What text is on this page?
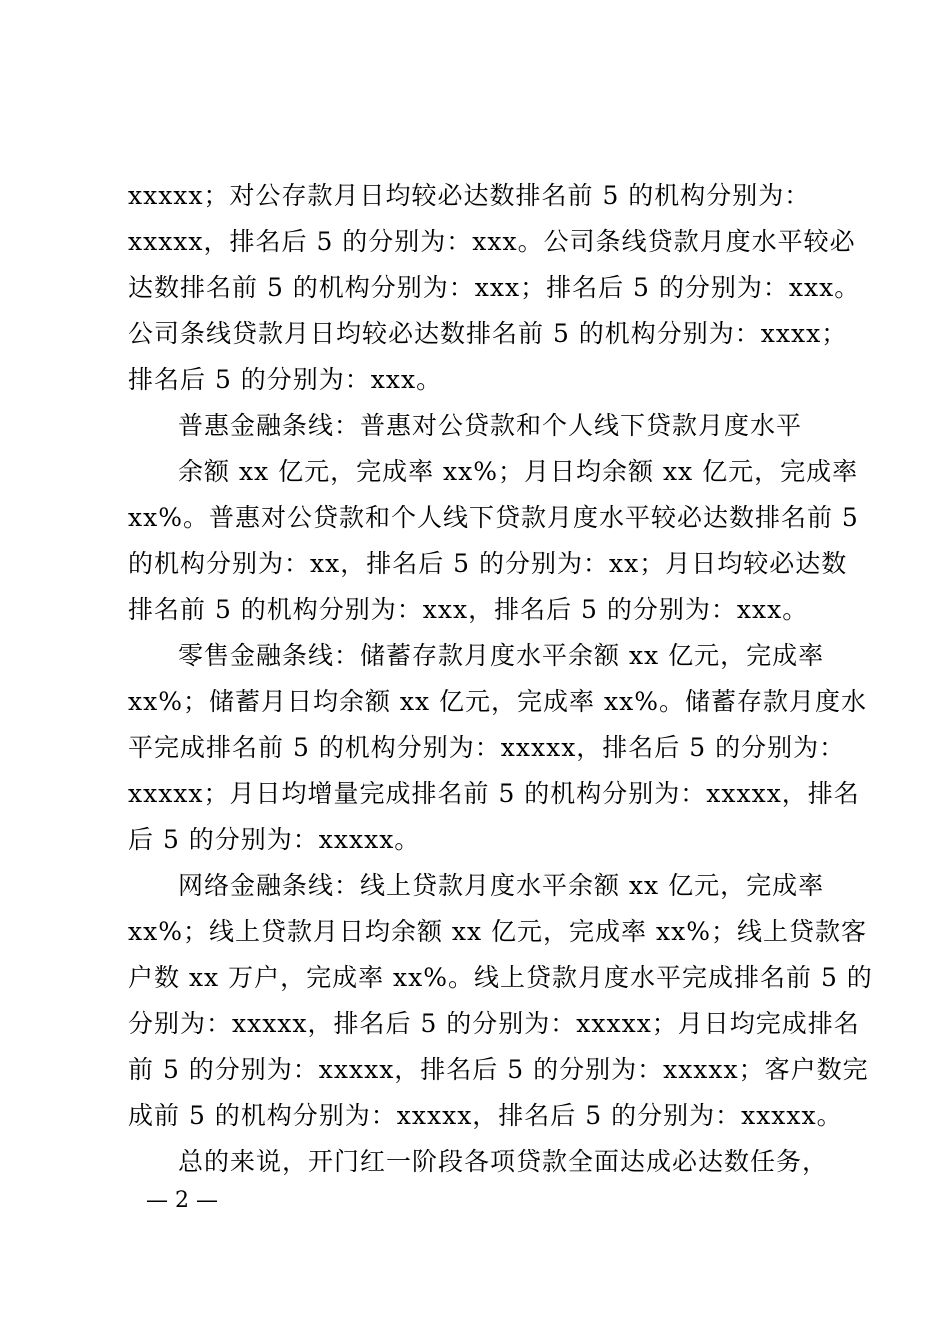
xxxxx；对公存款月日均较必达数排名前 5 的机构分别为：
xxxxx，排名后 5 的分别为：xxx。公司条线贷款月度水平较必
达数排名前 5 的机构分别为：xxx；排名后 5 的分别为：xxx。
公司条线贷款月日均较必达数排名前 5 的机构分别为：xxxx；
排名后 5 的分别为：xxx。
普惠金融条线：普惠对公贷款和个人线下贷款月度水平
余额 xx 亿元，完成率 xx%；月日均余额 xx 亿元，完成率
xx%。普惠对公贷款和个人线下贷款月度水平较必达数排名前 5
的机构分别为：xx，排名后 5 的分别为：xx；月日均较必达数
排名前 5 的机构分别为：xxx，排名后 5 的分别为：xxx。
零售金融条线：储蓄存款月度水平余额 xx 亿元，完成率
xx%；储蓄月日均余额 xx 亿元，完成率 xx%。储蓄存款月度水
平完成排名前 5 的机构分别为：xxxxx，排名后 5 的分别为：
xxxxx；月日均增量完成排名前 5 的机构分别为：xxxxx，排名
后 5 的分别为：xxxxx。
网络金融条线：线上贷款月度水平余额 xx 亿元，完成率
xx%；线上贷款月日均余额 xx 亿元，完成率 xx%；线上贷款客
户数 xx 万户，完成率 xx%。线上贷款月度水平完成排名前 5 的
分别为：xxxxx，排名后 5 的分别为：xxxxx；月日均完成排名
前 5 的分别为：xxxxx，排名后 5 的分别为：xxxxx；客户数完
成前 5 的机构分别为：xxxxx，排名后 5 的分别为：xxxxx。
总的来说，开门红一阶段各项贷款全面达成必达数任务，
— 2 —
